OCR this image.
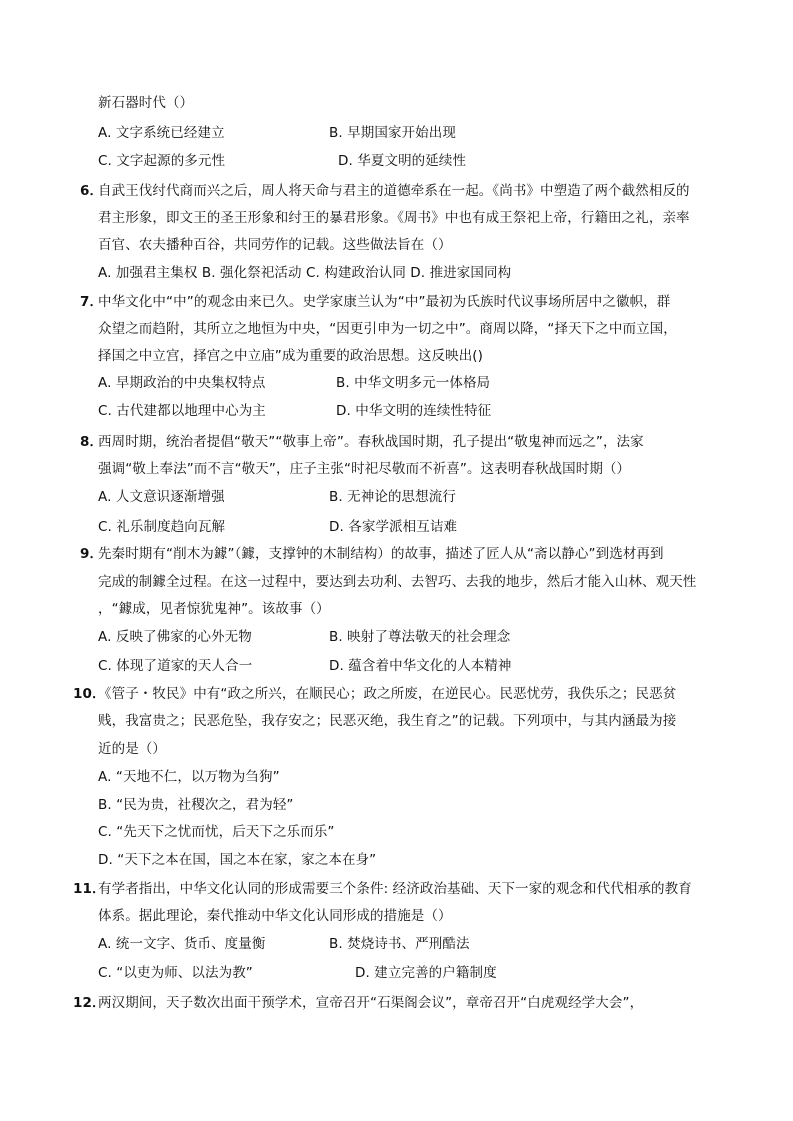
新石器时代（）
A. 文字系统已经建立	B. 早期国家开始出现
C. 文字起源的多元性	D. 华夏文明的延续性
6．
自武王伐纣代商而兴之后，周人将天命与君主的道德牵系在一起。《尚书》中塑造了两个截然相反的
君主形象，即文王的圣王形象和纣王的暴君形象。《周书》中也有成王祭祀上帝，行籍田之礼，亲率
百官、农夫播种百谷，共同劳作的记载。这些做法旨在（）
A. 加强君主集权 B. 强化祭祀活动 C. 构建政治认同 D. 推进家国同构
7．
中华文化中“中”的观念由来已久。史学家康兰认为“中”最初为氏族时代议事场所居中之徽帜，群
众望之而趋附，其所立之地恒为中央，“因更引申为一切之中”。商周以降，“择天下之中而立国，
择国之中立宫，择宫之中立庙”成为重要的政治思想。这反映出()
A. 早期政治的中央集权特点	B. 中华文明多元一体格局
C. 古代建都以地理中心为主	D. 中华文明的连续性特征
8．
西周时期，统治者提倡“敬天”“敬事上帝”。春秋战国时期，孔子提出“敬鬼神而远之”，法家
强调“敬上奉法”而不言“敬天”，庄子主张“时祀尽敬而不祈喜”。这表明春秋战国时期（）
A. 人文意识逐渐增强	B. 无神论的思想流行
C. 礼乐制度趋向瓦解	D. 各家学派相互诘难
9．
先秦时期有“削木为鐻”（鐻，支撑钟的木制结构）的故事，描述了匠人从“斋以静心”到选材再到
完成的制鐻全过程。在这一过程中，要达到去功利、去智巧、去我的地步，然后才能入山林、观天性
，“鐻成，见者惊犹鬼神”。该故事（）
A. 反映了佛家的心外无物	B. 映射了尊法敬天的社会理念
C. 体现了道家的天人合一	D. 蕴含着中华文化的人本精神
10．
《管子・牧民》中有“政之所兴，在顺民心；政之所废，在逆民心。民恶忧劳，我佚乐之；民恶贫
贱，我富贵之；民恶危坠，我存安之；民恶灭绝，我生育之”的记载。下列项中，与其内涵最为接
近的是（）
A. “天地不仁，以万物为刍狗”
B. “民为贵，社稷次之，君为轻”
C. “先天下之忧而忧，后天下之乐而乐”
D. “天下之本在国，国之本在家，家之本在身”
11．
有学者指出，中华文化认同的形成需要三个条件: 经济政治基础、天下一家的观念和代代相承的教育
体系。据此理论，秦代推动中华文化认同形成的措施是（）
A. 统一文字、货币、度量衡	B. 焚烧诗书、严刑酷法
C. “以吏为师、以法为教”	D. 建立完善的户籍制度
12．
两汉期间，天子数次出面干预学术，宣帝召开“石渠阁会议”，章帝召开“白虎观经学大会”，
